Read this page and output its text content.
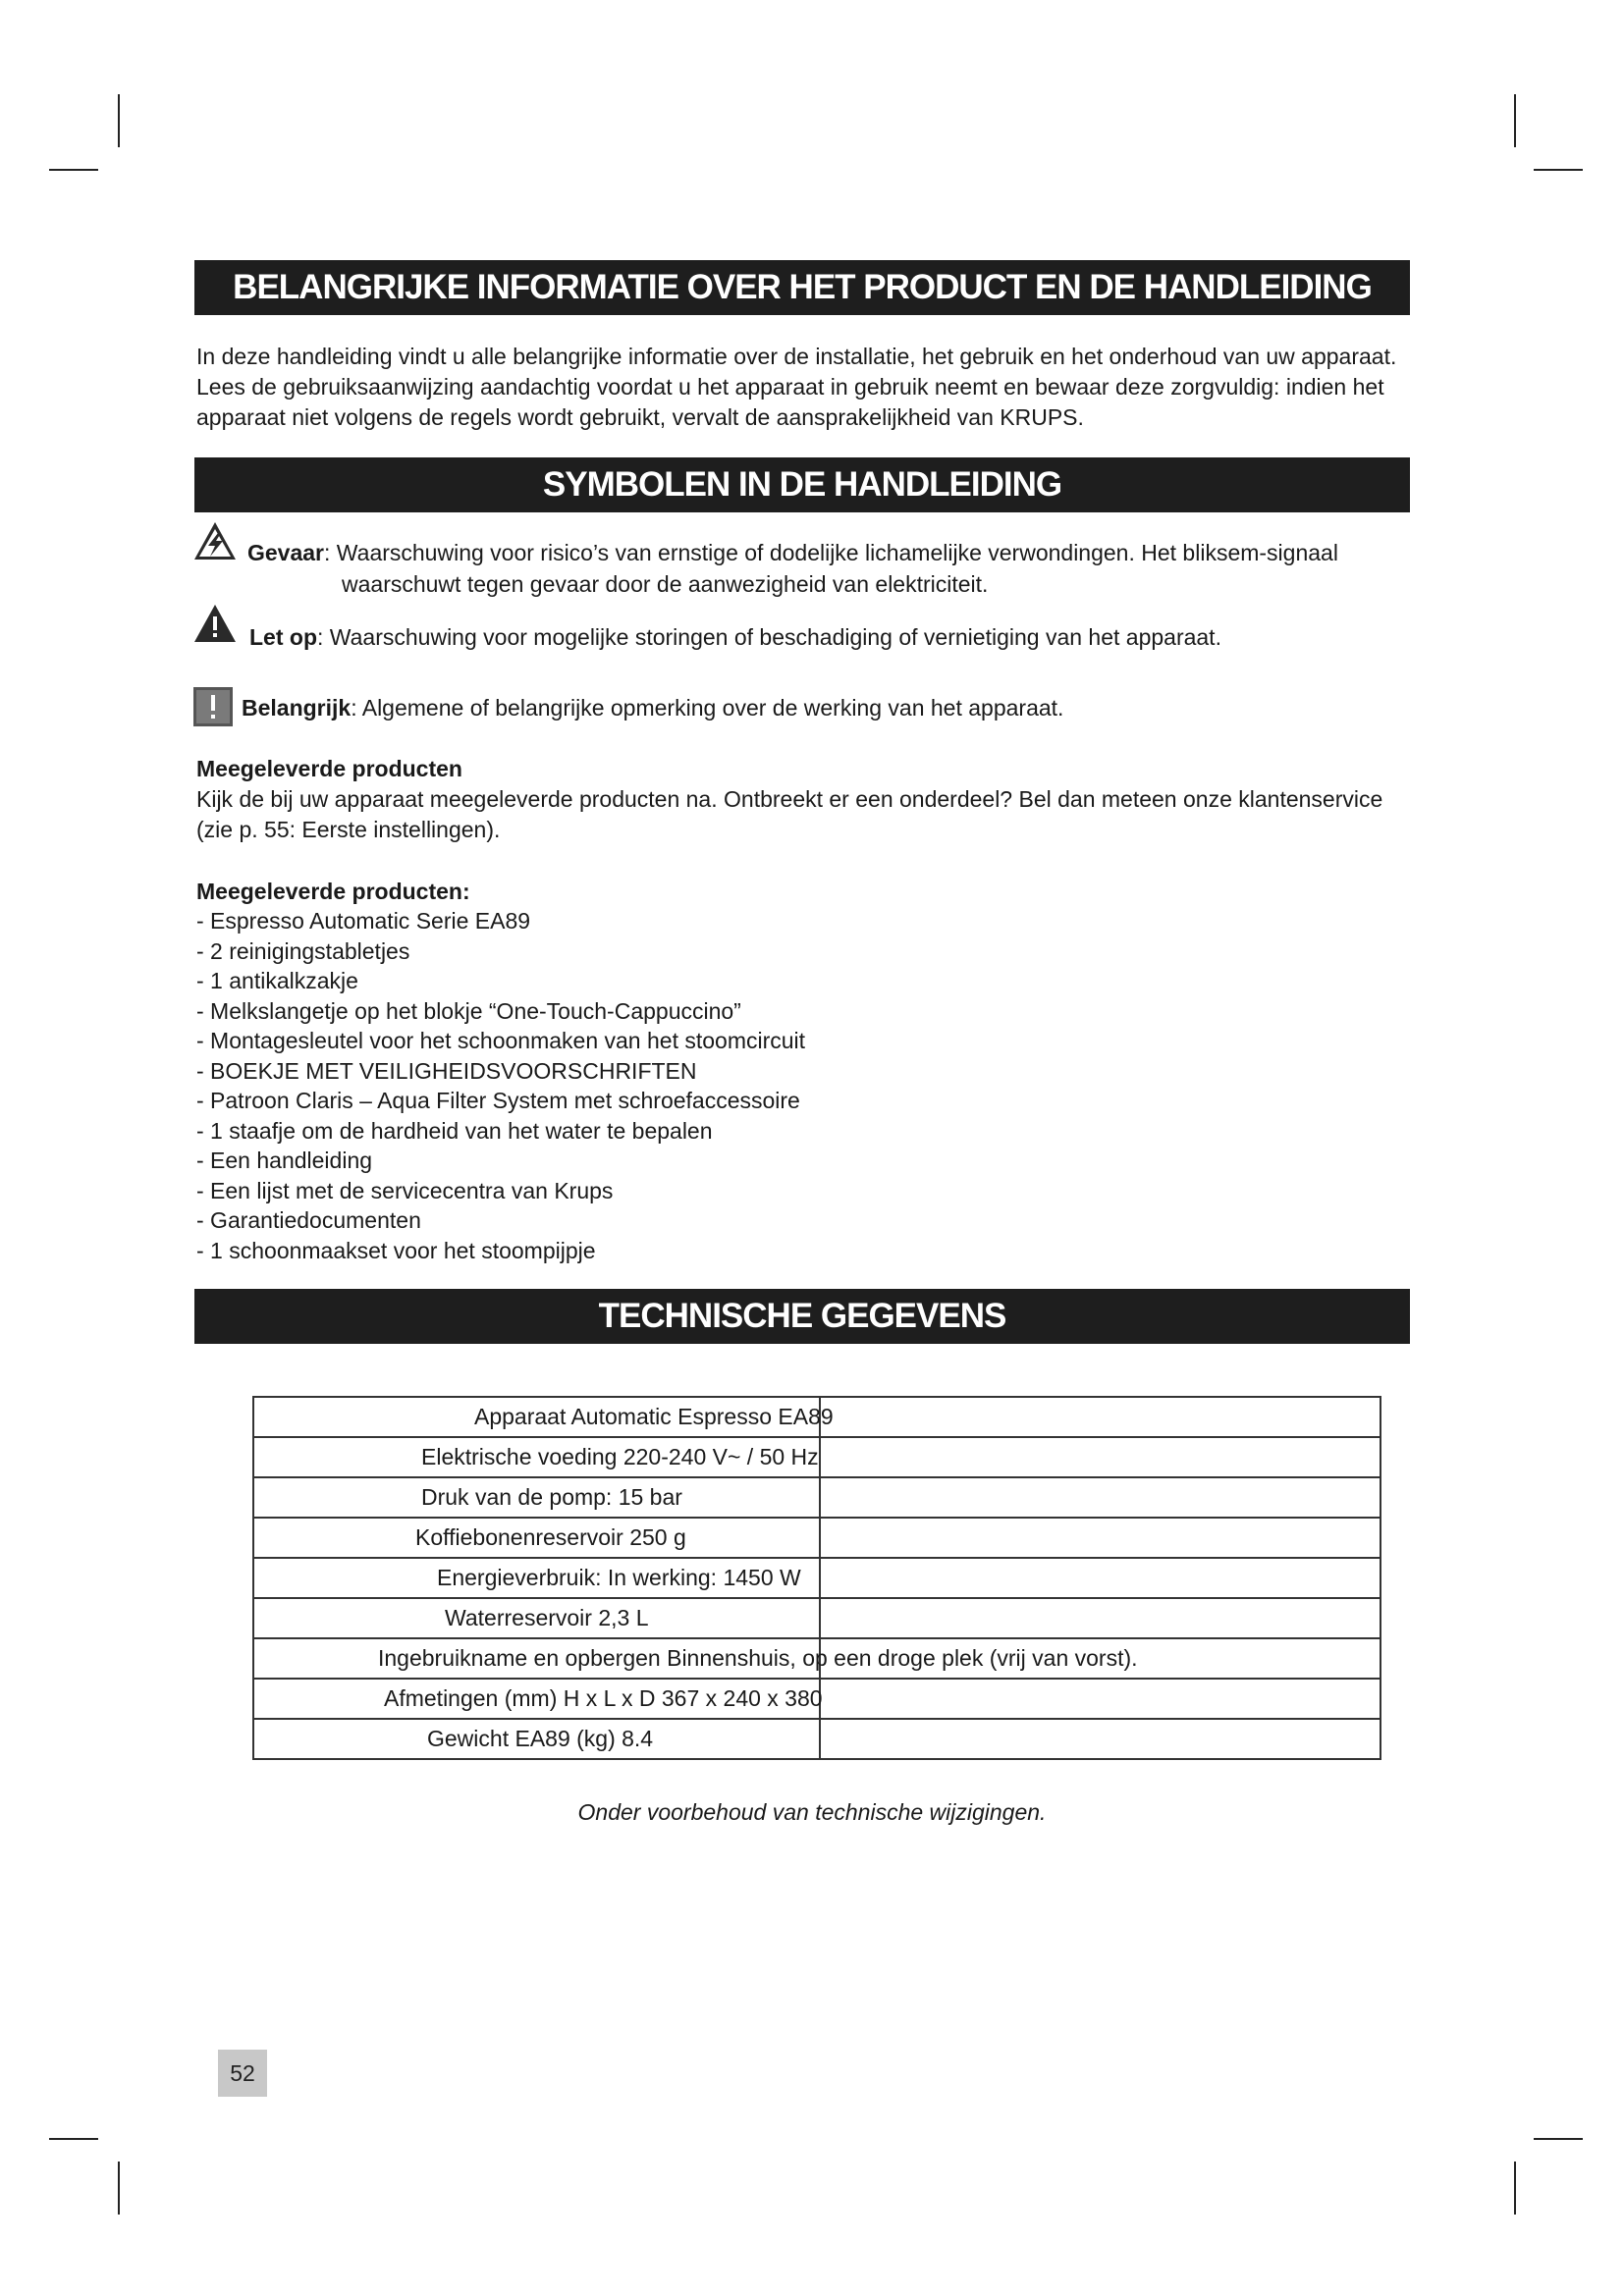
BELANGRIJKE INFORMATIE OVER HET PRODUCT EN DE HANDLEIDING
In deze handleiding vindt u alle belangrijke informatie over de installatie, het gebruik en het onderhoud van uw apparaat. Lees de gebruiksaanwijzing aandachtig voordat u het apparaat in gebruik neemt en bewaar deze zorgvuldig: indien het apparaat niet volgens de regels wordt gebruikt, vervalt de aansprakelijkheid van KRUPS.
SYMBOLEN IN DE HANDLEIDING
Gevaar: Waarschuwing voor risico’s van ernstige of dodelijke lichamelijke verwondingen. Het bliksem-signaal
waarschuwt tegen gevaar door de aanwezigheid van elektriciteit.
Let op: Waarschuwing voor mogelijke storingen of beschadiging of vernietiging van het apparaat.
Belangrijk: Algemene of belangrijke opmerking over de werking van het apparaat.
Meegeleverde producten
Kijk de bij uw apparaat meegeleverde producten na. Ontbreekt er een onderdeel? Bel dan meteen onze klantenservice (zie p. 55: Eerste instellingen).
Meegeleverde producten:
- Espresso Automatic Serie EA89
- 2 reinigingstabletjes
- 1 antikalkzakje
- Melkslangetje op het blokje “One-Touch-Cappuccino”
- Montagesleutel voor het schoonmaken van het stoomcircuit
- BOEKJE MET VEILIGHEIDSVOORSCHRIFTEN
- Patroon Claris – Aqua Filter System met schroefaccessoire
- 1 staafje om de hardheid van het water te bepalen
- Een handleiding
- Een lijst met de servicecentra van Krups
- Garantiedocumenten
- 1 schoonmaakset voor het stoompijpje
TECHNISCHE GEGEVENS
Apparaat Automatic Espresso EA89	

Elektrische voeding 220-240 V~ / 50 Hz	

Druk van de pomp: 15 bar	

Koffiebonenreservoir 250 g	

Energieverbruik: In werking: 1450 W	

Waterreservoir 2,3 L	

Ingebruikname en opbergen Binnenshuis, op een droge plek (vrij van vorst).	

Afmetingen (mm) H x L x D 367 x 240 x 380	

Gewicht EA89 (kg) 8.4	

Onder voorbehoud van technische wijzigingen.
52
